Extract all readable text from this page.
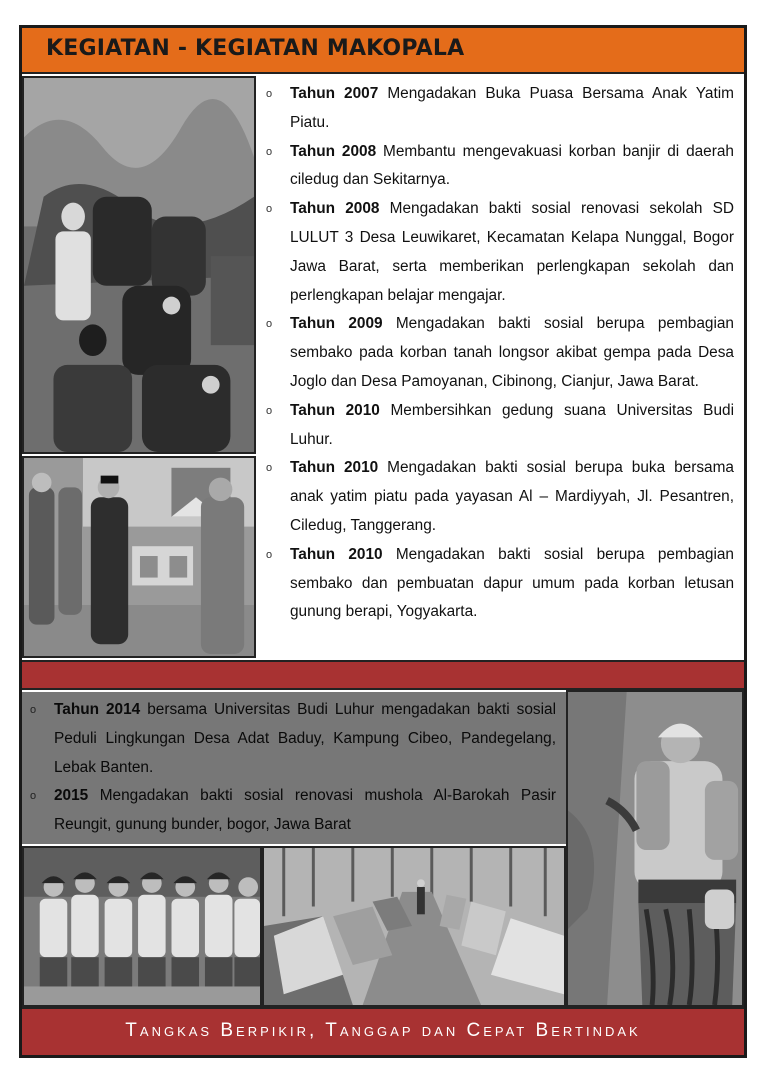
KEGIATAN - KEGIATAN MAKOPALA
o Tahun 2007 Mengadakan Buka Puasa Bersama Anak Yatim Piatu.
o Tahun 2008 Membantu mengevakuasi korban banjir di daerah ciledug dan Sekitarnya.
o Tahun 2008 Mengadakan bakti sosial renovasi sekolah SD LULUT 3 Desa Leuwikaret, Kecamatan Kelapa Nunggal, Bogor Jawa Barat, serta memberikan perlengkapan sekolah dan perlengkapan belajar mengajar.
o Tahun 2009 Mengadakan bakti sosial berupa pembagian sembako pada korban tanah longsor akibat gempa pada Desa Joglo dan Desa Pamoyanan, Cibinong, Cianjur, Jawa Barat.
o Tahun 2010 Membersihkan gedung suana Universitas Budi Luhur.
o Tahun 2010 Mengadakan bakti sosial berupa buka bersama anak yatim piatu pada yayasan Al – Mardiyyah, Jl. Pesantren, Ciledug, Tanggerang.
o Tahun 2010 Mengadakan bakti sosial berupa pembagian sembako dan pembuatan dapur umum pada korban letusan gunung berapi, Yogyakarta.
o Tahun 2014 bersama Universitas Budi Luhur mengadakan bakti sosial Peduli Lingkungan Desa Adat Baduy, Kampung Cibeo, Pandegelang, Lebak Banten.
o 2015 Mengadakan bakti sosial renovasi mushola Al-Barokah Pasir Reungit, gunung bunder, bogor, Jawa Barat
Tangkas Berpikir, Tanggap dan Cepat Bertindak
